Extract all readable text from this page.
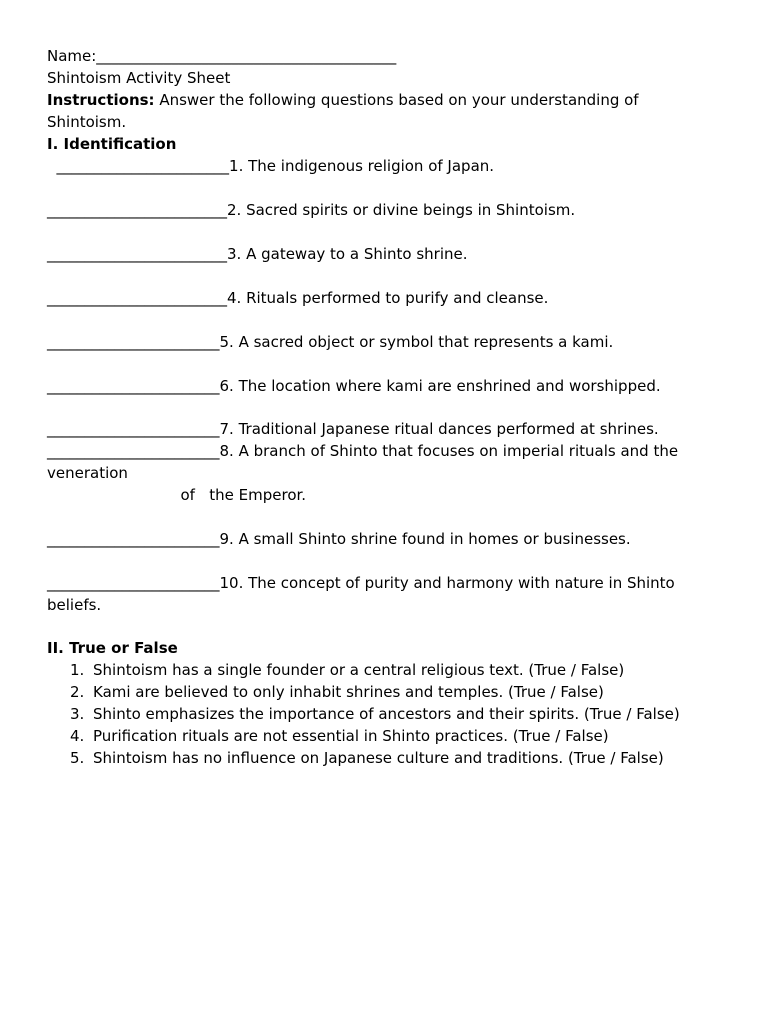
Name:________________________________________
Shintoism Activity Sheet
Instructions: Answer the following questions based on your understanding of
Shintoism.
I. Identification
_______________________1. The indigenous religion of Japan.
________________________2. Sacred spirits or divine beings in Shintoism.
________________________3. A gateway to a Shinto shrine.
________________________4. Rituals performed to purify and cleanse.
_______________________5. A sacred object or symbol that represents a kami.
_______________________6. The location where kami are enshrined and worshipped.
_______________________7. Traditional Japanese ritual dances performed at shrines.
_______________________8. A branch of Shinto that focuses on imperial rituals and the
veneration
of   the Emperor.
_______________________9. A small Shinto shrine found in homes or businesses.
_______________________10. The concept of purity and harmony with nature in Shinto
beliefs.
II. True or False
1. Shintoism has a single founder or a central religious text. (True / False)
2. Kami are believed to only inhabit shrines and temples. (True / False)
3. Shinto emphasizes the importance of ancestors and their spirits. (True / False)
4. Purification rituals are not essential in Shinto practices. (True / False)
5. Shintoism has no influence on Japanese culture and traditions. (True / False)
